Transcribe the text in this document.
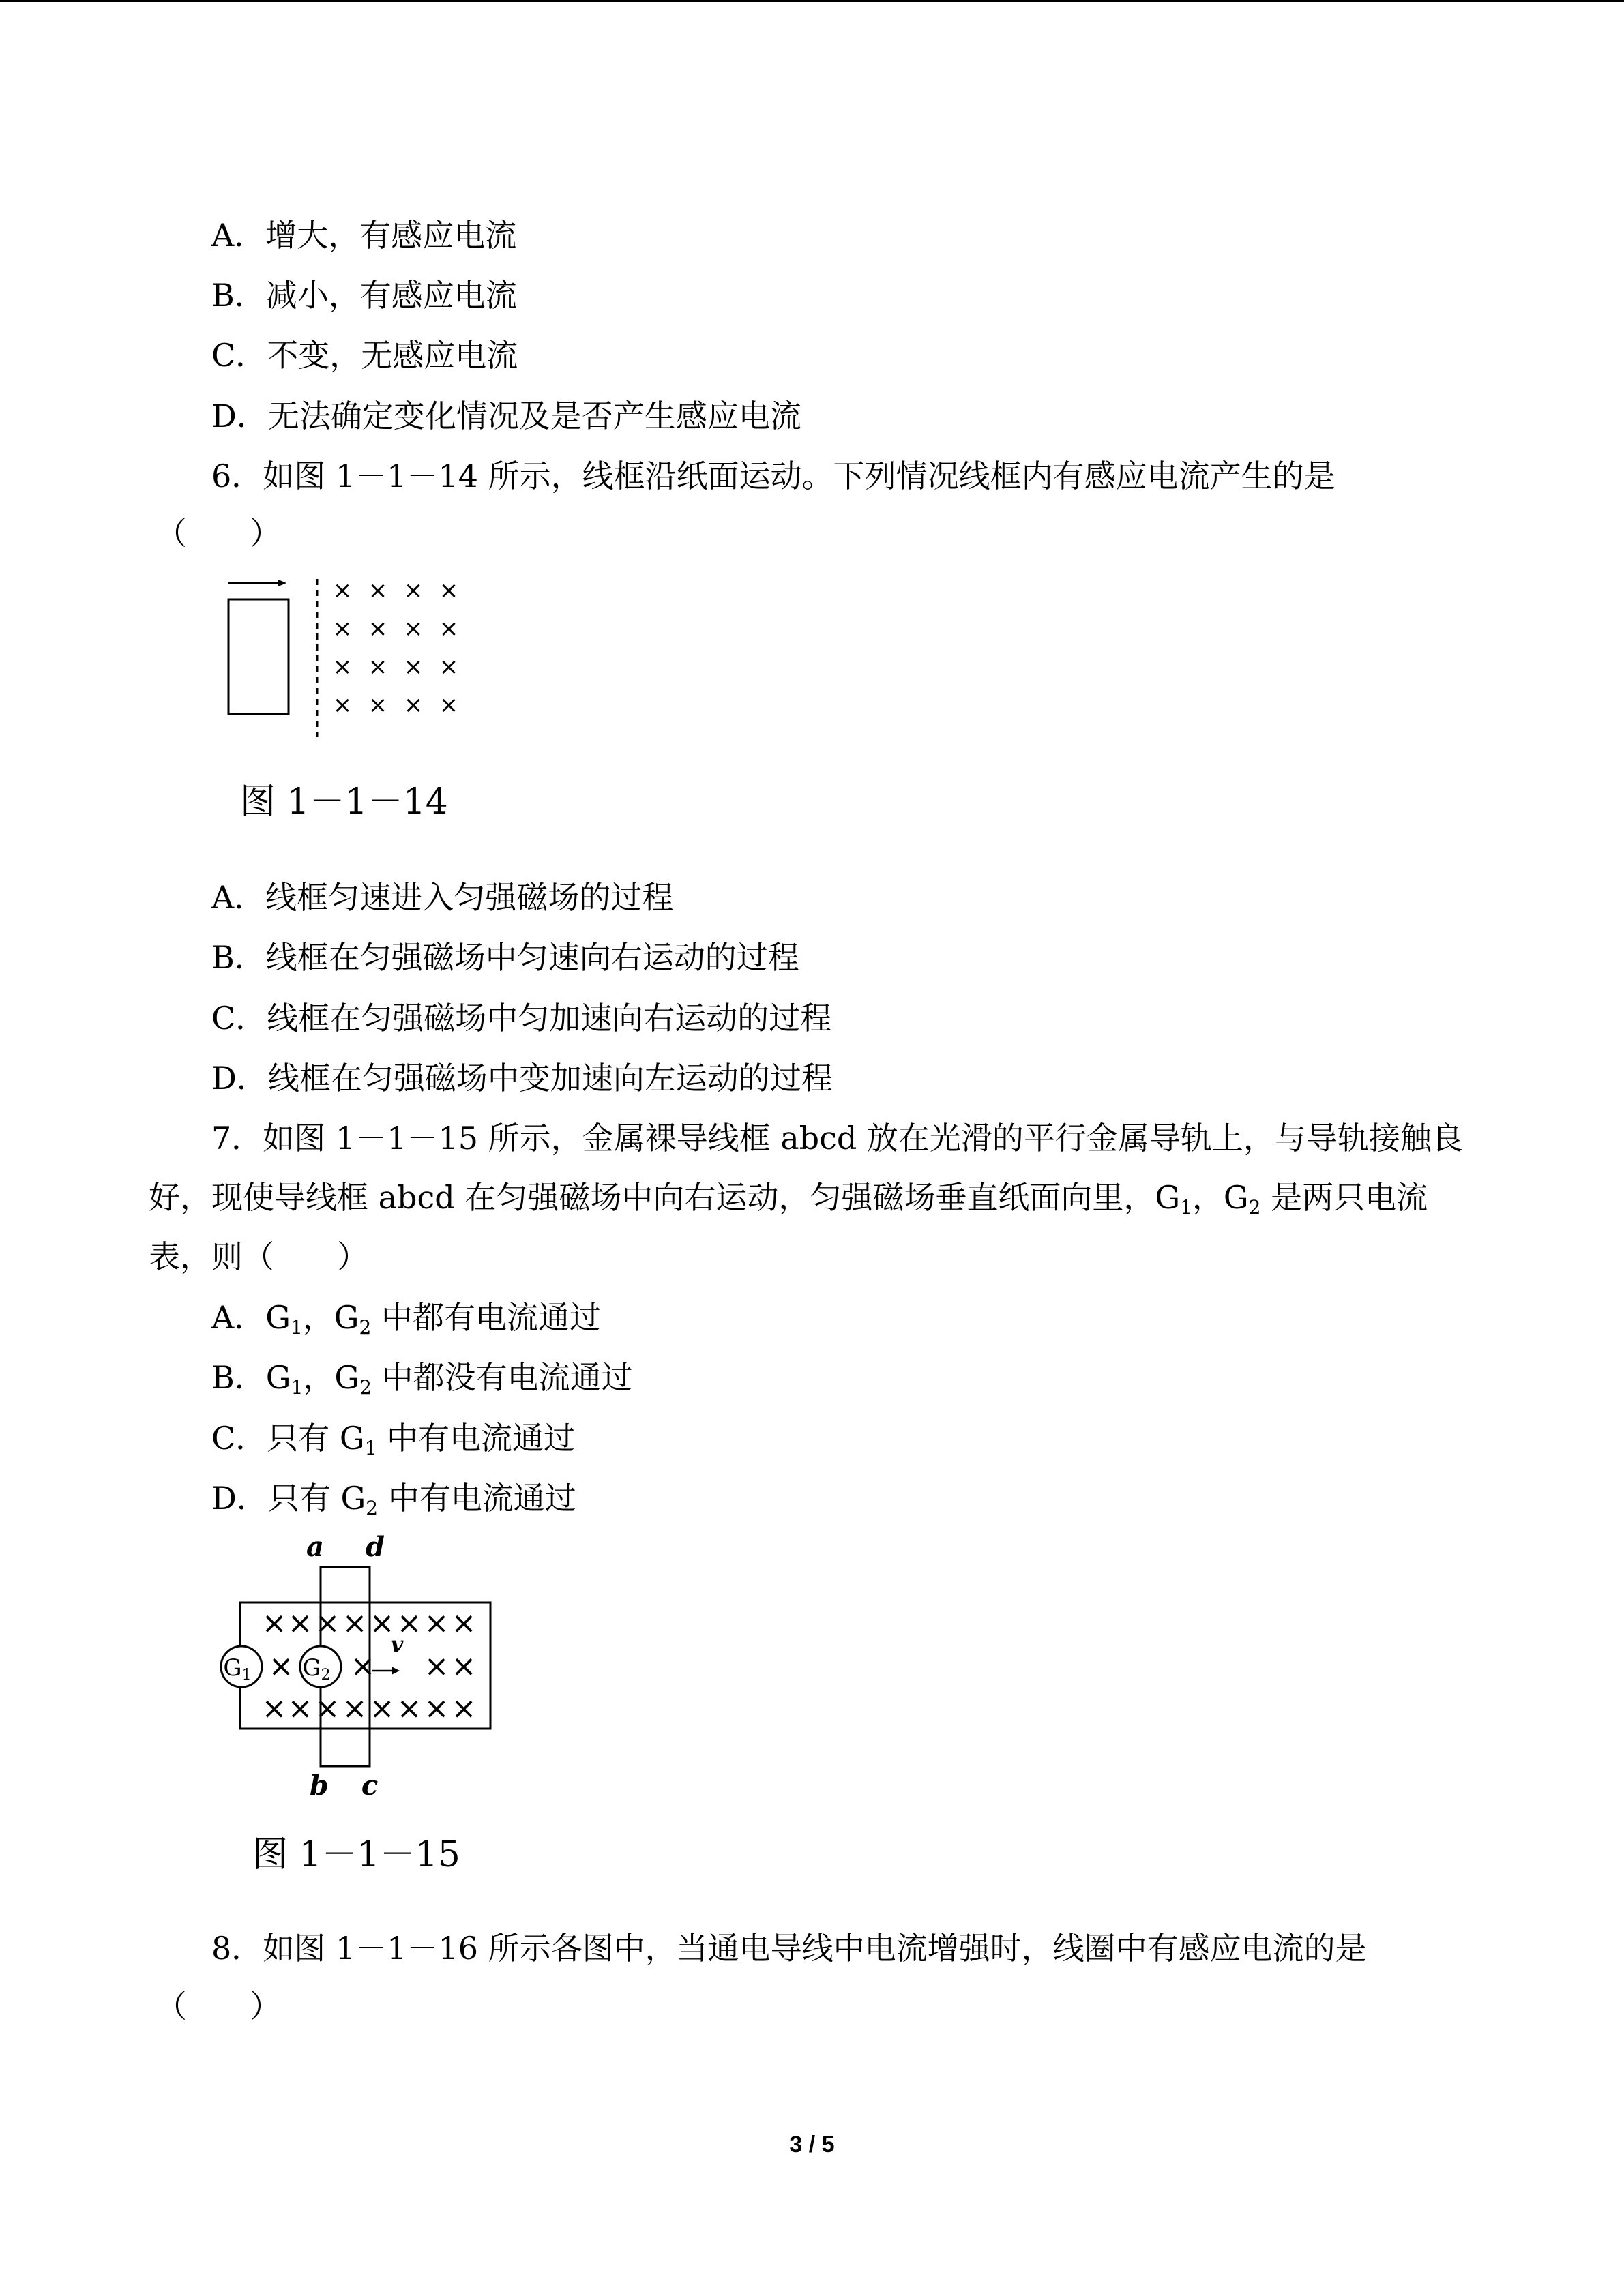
A．增大，有感应电流
B．减小，有感应电流
C．不变，无感应电流
D．无法确定变化情况及是否产生感应电流
6．如图 1－1－14 所示，线框沿纸面运动。下列情况线框内有感应电流产生的是
（　　）
× × × ×
× × × ×
× × × ×
× × × ×
图 1－1－14
A．线框匀速进入匀强磁场的过程
B．线框在匀强磁场中匀速向右运动的过程
C．线框在匀强磁场中匀加速向右运动的过程
D．线框在匀强磁场中变加速向左运动的过程
7．如图 1－1－15 所示，金属裸导线框 abcd 放在光滑的平行金属导轨上，与导轨接触良
好，现使导线框 abcd 在匀强磁场中向右运动，匀强磁场垂直纸面向里，$G_1$，$G_2$ 是两只电流
表，则（　　）
A．$G_1$，$G_2$ 中都有电流通过
B．$G_1$，$G_2$ 中都没有电流通过
C．只有 $G_1$ 中有电流通过
D．只有 $G_2$ 中有电流通过
a d
b c
v
× × × × × × × ×
× × × ×
× × × × × × × ×
G1 G2
图 1－1－15
8．如图 1－1－16 所示各图中，当通电导线中电流增强时，线圈中有感应电流的是
（　　）
3 / 5
